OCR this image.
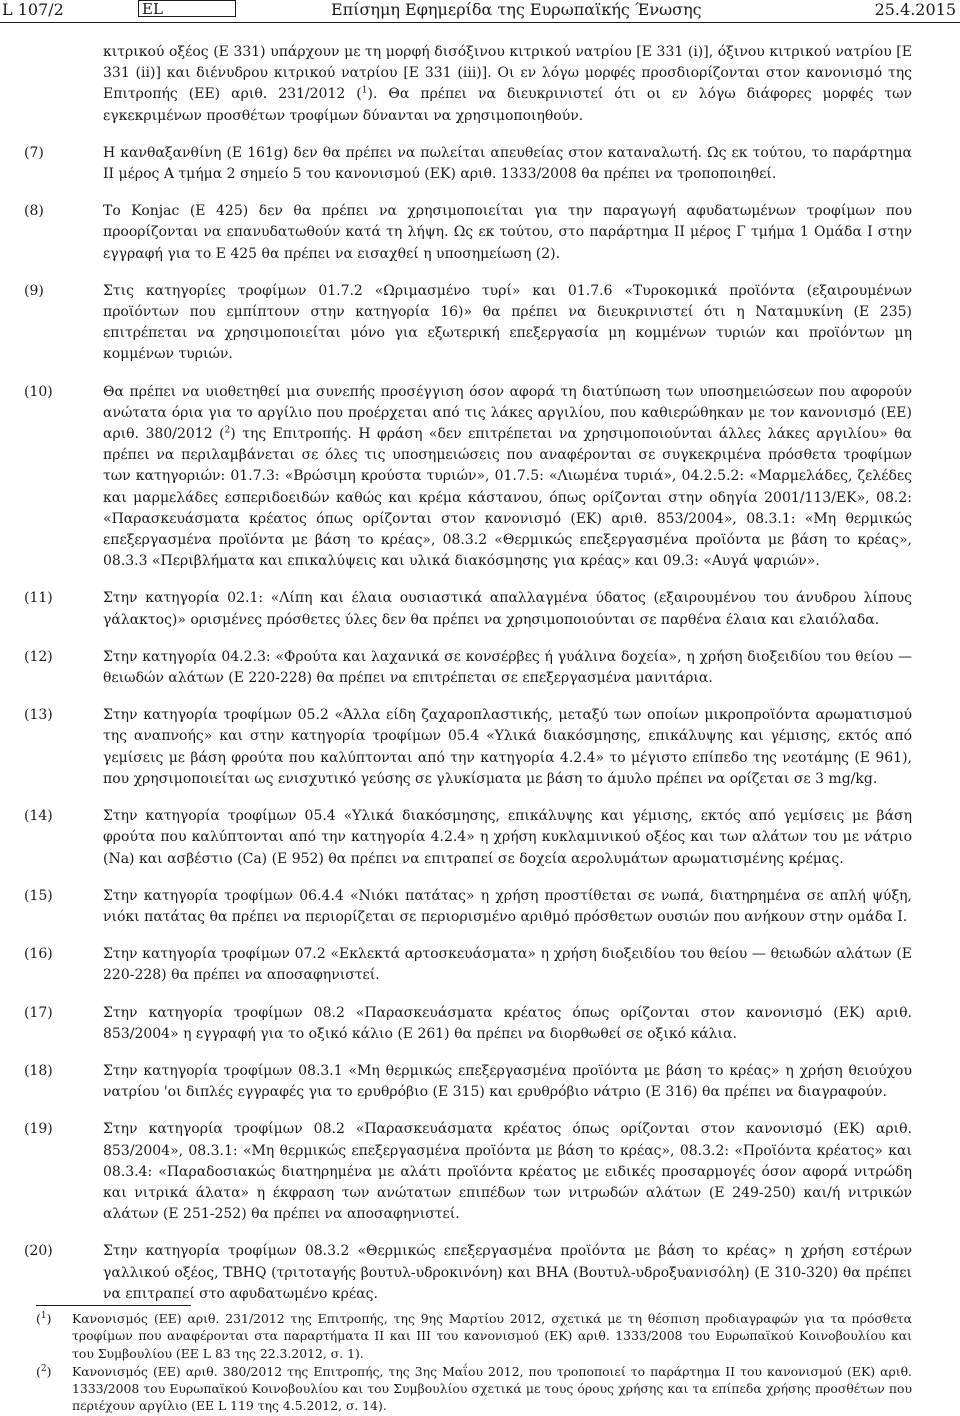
L 107/2	EL	Επίσημη Εφημερίδα της Ευρωπαϊκής Ένωσης	25.4.2015
κιτρικού οξέος (Ε 331) υπάρχουν με τη μορφή δισόξινου κιτρικού νατρίου [Ε 331 (i)], όξινου κιτρικού νατρίου [Ε 331 (ii)] και διένυδρου κιτρικού νατρίου [Ε 331 (iii)]. Οι εν λόγω μορφές προσδιορίζονται στον κανονισμό της Επιτροπής (ΕΕ) αριθ. 231/2012 ($^1$). Θα πρέπει να διευκρινιστεί ότι οι εν λόγω διάφορες μορφές των εγκεκριμένων προσθέτων τροφίμων δύνανται να χρησιμοποιηθούν.
(7)	Η κανθαξανθίνη (Ε 161g) δεν θα πρέπει να πωλείται απευθείας στον καταναλωτή. Ως εκ τούτου, το παράρτημα ΙΙ μέρος Α τμήμα 2 σημείο 5 του κανονισμού (ΕΚ) αριθ. 1333/2008 θα πρέπει να τροποποιηθεί.
(8)	Το Konjac (Ε 425) δεν θα πρέπει να χρησιμοποιείται για την παραγωγή αφυδατωμένων τροφίμων που προορίζονται να επανυδατωθούν κατά τη λήψη. Ως εκ τούτου, στο παράρτημα ΙΙ μέρος Γ τμήμα 1 Ομάδα Ι στην εγγραφή για το Ε 425 θα πρέπει να εισαχθεί η υποσημείωση (2).
(9)	Στις κατηγορίες τροφίμων 01.7.2 «Ωριμασμένο τυρί» και 01.7.6 «Τυροκομικά προϊόντα (εξαιρουμένων προϊόντων που εμπίπτουν στην κατηγορία 16)» θα πρέπει να διευκρινιστεί ότι η Ναταμυκίνη (Ε 235) επιτρέπεται να χρησιμοποιείται μόνο για εξωτερική επεξεργασία μη κομμένων τυριών και προϊόντων μη κομμένων τυριών.
(10)	Θα πρέπει να υιοθετηθεί μια συνεπής προσέγγιση όσον αφορά τη διατύπωση των υποσημειώσεων που αφορούν ανώτατα όρια για το αργίλιο που προέρχεται από τις λάκες αργιλίου, που καθιερώθηκαν με τον κανονισμό (ΕΕ) αριθ. 380/2012 ($^2$) της Επιτροπής. Η φράση «δεν επιτρέπεται να χρησιμοποιούνται άλλες λάκες αργιλίου» θα πρέπει να περιλαμβάνεται σε όλες τις υποσημειώσεις που αναφέρονται σε συγκεκριμένα πρόσθετα τροφίμων των κατηγοριών: 01.7.3: «Βρώσιμη κρούστα τυριών», 01.7.5: «Λιωμένα τυριά», 04.2.5.2: «Μαρμελάδες, ζελέδες και μαρμελάδες εσπεριδοειδών καθώς και κρέμα κάστανου, όπως ορίζονται στην οδηγία 2001/113/ΕΚ», 08.2: «Παρασκευάσματα κρέατος όπως ορίζονται στον κανονισμό (ΕΚ) αριθ. 853/2004», 08.3.1: «Μη θερμικώς επεξεργασμένα προϊόντα με βάση το κρέας», 08.3.2 «Θερμικώς επεξεργασμένα προϊόντα με βάση το κρέας», 08.3.3 «Περιβλήματα και επικαλύψεις και υλικά διακόσμησης για κρέας» και 09.3: «Αυγά ψαριών».
(11)	Στην κατηγορία 02.1: «Λίπη και έλαια ουσιαστικά απαλλαγμένα ύδατος (εξαιρουμένου του άνυδρου λίπους γάλακτος)» ορισμένες πρόσθετες ύλες δεν θα πρέπει να χρησιμοποιούνται σε παρθένα έλαια και ελαιόλαδα.
(12)	Στην κατηγορία 04.2.3: «Φρούτα και λαχανικά σε κονσέρβες ή γυάλινα δοχεία», η χρήση διοξειδίου του θείου — θειωδών αλάτων (Ε 220-228) θα πρέπει να επιτρέπεται σε επεξεργασμένα μανιτάρια.
(13)	Στην κατηγορία τροφίμων 05.2 «Άλλα είδη ζαχαροπλαστικής, μεταξύ των οποίων μικροπροϊόντα αρωματισμού της αναπνοής» και στην κατηγορία τροφίμων 05.4 «Υλικά διακόσμησης, επικάλυψης και γέμισης, εκτός από γεμίσεις με βάση φρούτα που καλύπτονται από την κατηγορία 4.2.4» το μέγιστο επίπεδο της νεοτάμης (Ε 961), που χρησιμοποιείται ως ενισχυτικό γεύσης σε γλυκίσματα με βάση το άμυλο πρέπει να ορίζεται σε 3 mg/kg.
(14)	Στην κατηγορία τροφίμων 05.4 «Υλικά διακόσμησης, επικάλυψης και γέμισης, εκτός από γεμίσεις με βάση φρούτα που καλύπτονται από την κατηγορία 4.2.4» η χρήση κυκλαμινικού οξέος και των αλάτων του με νάτριο (Na) και ασβέστιο (Ca) (Ε 952) θα πρέπει να επιτραπεί σε δοχεία αερολυμάτων αρωματισμένης κρέμας.
(15)	Στην κατηγορία τροφίμων 06.4.4 «Νιόκι πατάτας» η χρήση προστίθεται σε νωπά, διατηρημένα σε απλή ψύξη, νιόκι πατάτας θα πρέπει να περιορίζεται σε περιορισμένο αριθμό πρόσθετων ουσιών που ανήκουν στην ομάδα Ι.
(16)	Στην κατηγορία τροφίμων 07.2 «Εκλεκτά αρτοσκευάσματα» η χρήση διοξειδίου του θείου — θειωδών αλάτων (Ε 220-228) θα πρέπει να αποσαφηνιστεί.
(17)	Στην κατηγορία τροφίμων 08.2 «Παρασκευάσματα κρέατος όπως ορίζονται στον κανονισμό (ΕΚ) αριθ. 853/2004» η εγγραφή για το οξικό κάλιο (Ε 261) θα πρέπει να διορθωθεί σε οξικό κάλια.
(18)	Στην κατηγορία τροφίμων 08.3.1 «Μη θερμικώς επεξεργασμένα προϊόντα με βάση το κρέας» η χρήση θειούχου νατρίου 'οι διπλές εγγραφές για το ερυθρόβιο (Ε 315) και ερυθρόβιο νάτριο (Ε 316) θα πρέπει να διαγραφούν.
(19)	Στην κατηγορία τροφίμων 08.2 «Παρασκευάσματα κρέατος όπως ορίζονται στον κανονισμό (ΕΚ) αριθ. 853/2004», 08.3.1: «Μη θερμικώς επεξεργασμένα προϊόντα με βάση το κρέας», 08.3.2: «Προϊόντα κρέατος» και 08.3.4: «Παραδοσιακώς διατηρημένα με αλάτι προϊόντα κρέατος με ειδικές προσαρμογές όσον αφορά νιτρώδη και νιτρικά άλατα» η έκφραση των ανώτατων επιπέδων των νιτρωδών αλάτων (Ε 249-250) και/ή νιτρικών αλάτων (Ε 251-252) θα πρέπει να αποσαφηνιστεί.
(20)	Στην κατηγορία τροφίμων 08.3.2 «Θερμικώς επεξεργασμένα προϊόντα με βάση το κρέας» η χρήση εστέρων γαλλικού οξέος, TBHQ (τριτοταγής βουτυλ-υδροκινόνη) και BHA (Βουτυλ-υδροξυανισόλη) (Ε 310-320) θα πρέπει να επιτραπεί στο αφυδατωμένο κρέας.
($^1$) Κανονισμός (ΕΕ) αριθ. 231/2012 της Επιτροπής, της 9ης Μαρτίου 2012, σχετικά με τη θέσπιση προδιαγραφών για τα πρόσθετα τροφίμων που αναφέρονται στα παραρτήματα ΙΙ και ΙΙΙ του κανονισμού (ΕΚ) αριθ. 1333/2008 του Ευρωπαϊκού Κοινοβουλίου και του Συμβουλίου (ΕΕ L 83 της 22.3.2012, σ. 1).
($^2$) Κανονισμός (ΕΕ) αριθ. 380/2012 της Επιτροπής, της 3ης Μαΐου 2012, που τροποποιεί το παράρτημα ΙΙ του κανονισμού (ΕΚ) αριθ. 1333/2008 του Ευρωπαϊκού Κοινοβουλίου και του Συμβουλίου σχετικά με τους όρους χρήσης και τα επίπεδα χρήσης προσθέτων που περιέχουν αργίλιο (ΕΕ L 119 της 4.5.2012, σ. 14).
